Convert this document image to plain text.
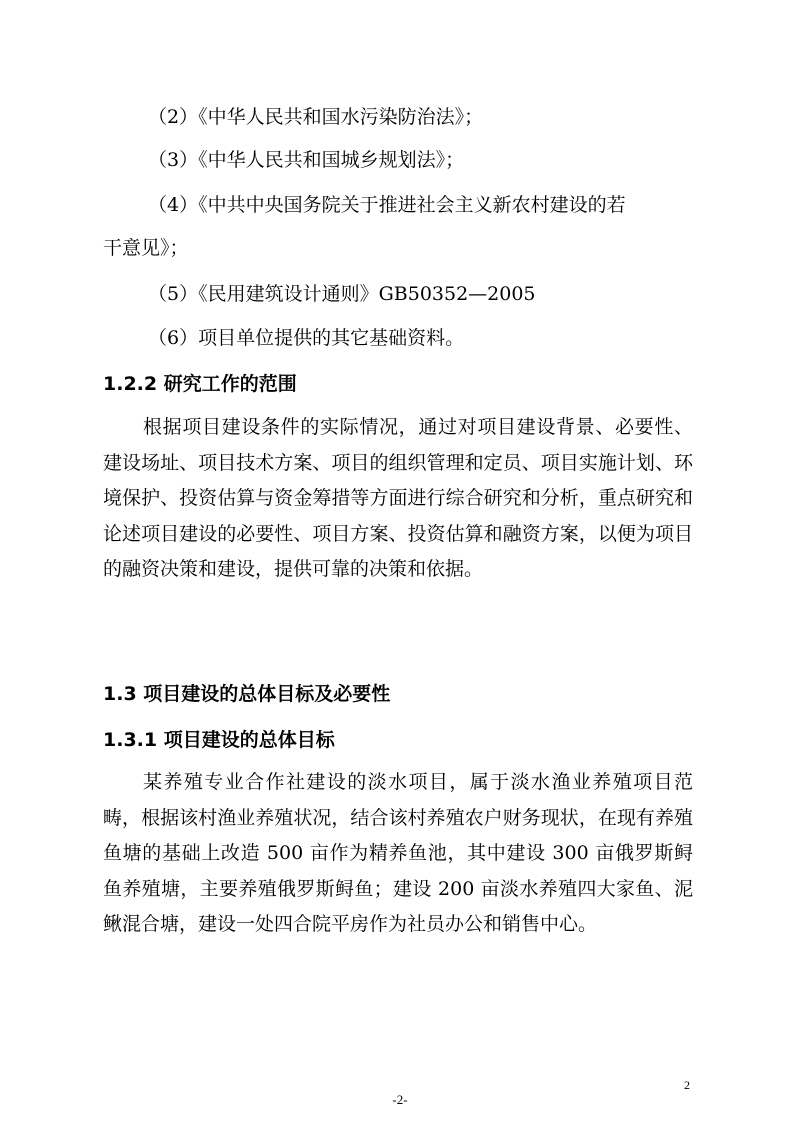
（2）《中华人民共和国水污染防治法》；
（3）《中华人民共和国城乡规划法》；
（4）《中共中央国务院关于推进社会主义新农村建设的若
干意见》；
（5）《民用建筑设计通则》GB50352—2005
（6）项目单位提供的其它基础资料。
1.2.2 研究工作的范围
根据项目建设条件的实际情况，通过对项目建设背景、必要性、建设场址、项目技术方案、项目的组织管理和定员、项目实施计划、环境保护、投资估算与资金筹措等方面进行综合研究和分析，重点研究和论述项目建设的必要性、项目方案、投资估算和融资方案，以便为项目的融资决策和建设，提供可靠的决策和依据。
1.3 项目建设的总体目标及必要性
1.3.1 项目建设的总体目标
某养殖专业合作社建设的淡水项目，属于淡水渔业养殖项目范畴，根据该村渔业养殖状况，结合该村养殖农户财务现状，在现有养殖鱼塘的基础上改造 500 亩作为精养鱼池，其中建设 300 亩俄罗斯鲟鱼养殖塘，主要养殖俄罗斯鲟鱼；建设 200 亩淡水养殖四大家鱼、泥鳅混合塘，建设一处四合院平房作为社员办公和销售中心。
-2-
2
